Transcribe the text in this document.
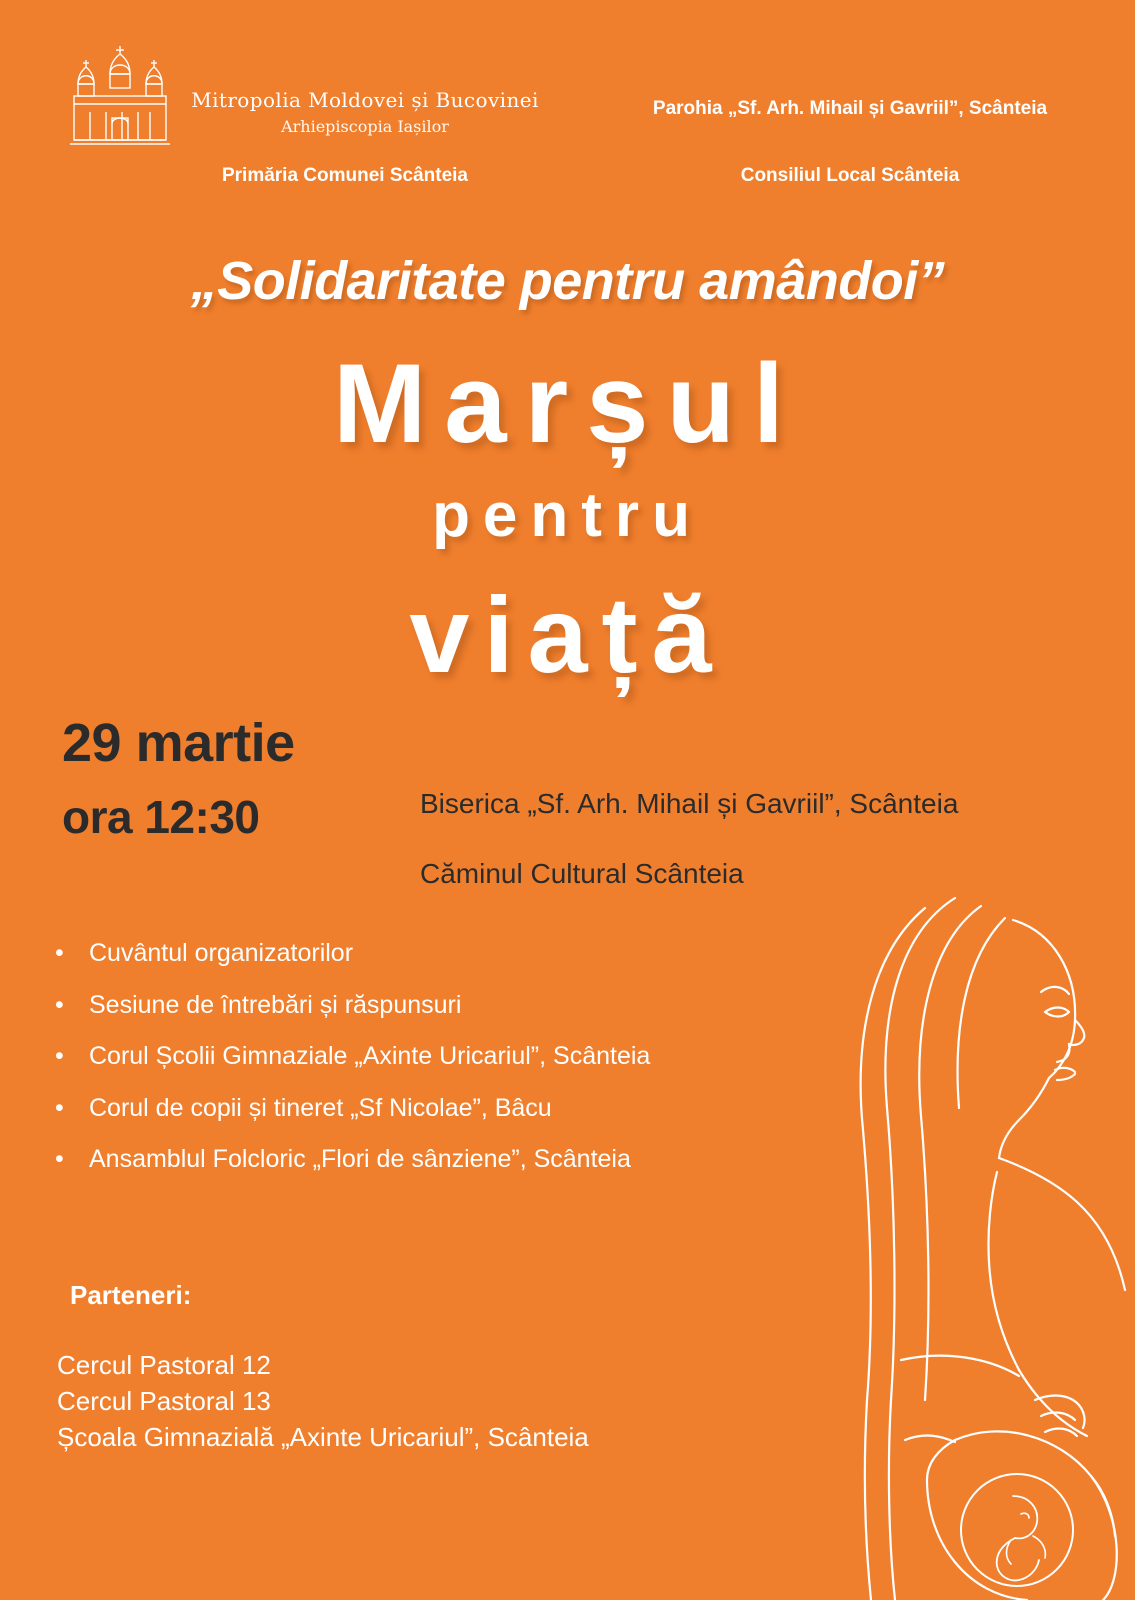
Mitropolia Moldovei și Bucovinei
Arhiepiscopia Iașilor
Parohia „Sf. Arh. Mihail și Gavriil”, Scânteia
Primăria Comunei Scânteia	Consiliul Local Scânteia
„Solidaritate pentru amândoi”
Marșul
pentru
viață
29 martie
ora 12:30	Biserica „Sf. Arh. Mihail și Gavriil”, Scânteia
Căminul Cultural Scânteia
•	Cuvântul organizatorilor
•	Sesiune de întrebări și răspunsuri
•	Corul Școlii Gimnaziale „Axinte Uricariul”, Scânteia
•	Corul de copii și tineret „Sf Nicolae”, Bâcu
•	Ansamblul Folcloric „Flori de sânziene”, Scânteia
Parteneri:
Cercul Pastoral 12
Cercul Pastoral 13
Școala Gimnazială „Axinte Uricariul”, Scânteia
